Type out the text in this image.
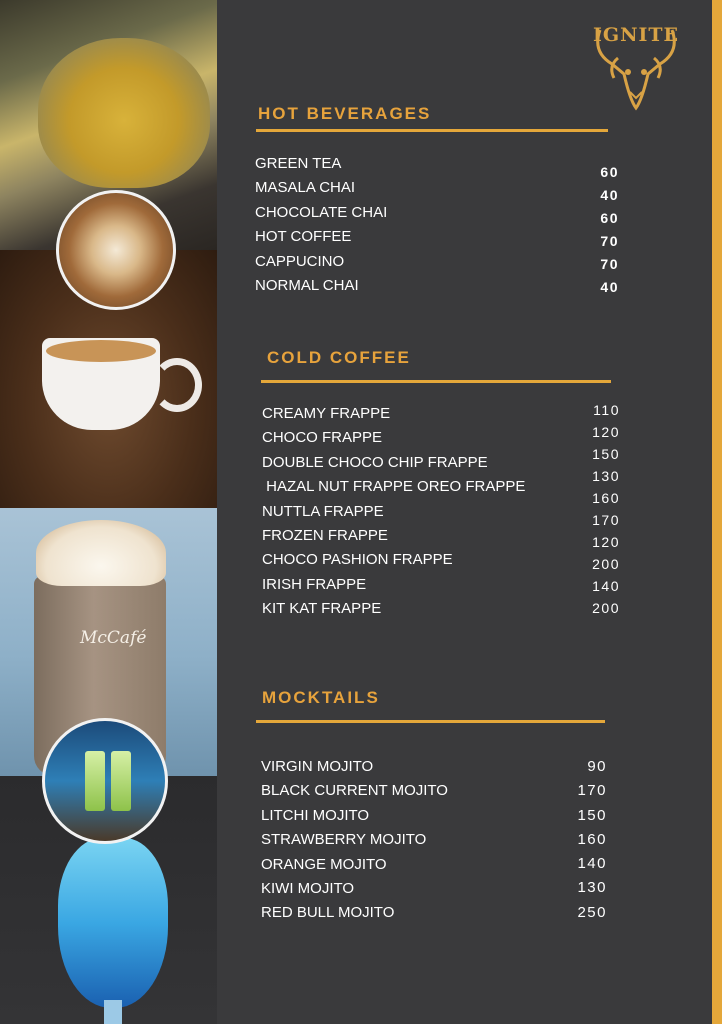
McCafé
IGNITE
HOT BEVERAGES
GREEN TEA
MASALA CHAI
CHOCOLATE CHAI
HOT COFFEE
CAPPUCINO
NORMAL CHAI
60
40
60
70
70
40
COLD COFFEE
CREAMY FRAPPE
CHOCO FRAPPE
DOUBLE CHOCO CHIP FRAPPE
HAZAL NUT FRAPPE OREO FRAPPE
NUTTLA FRAPPE
FROZEN FRAPPE
CHOCO PASHION FRAPPE
IRISH FRAPPE
KIT KAT FRAPPE
110
120
150
130
160
170
120
200
140
200
MOCKTAILS
VIRGIN MOJITO
BLACK CURRENT MOJITO
LITCHI MOJITO
STRAWBERRY MOJITO
ORANGE MOJITO
KIWI MOJITO
RED BULL MOJITO
90
170
150
160
140
130
250
